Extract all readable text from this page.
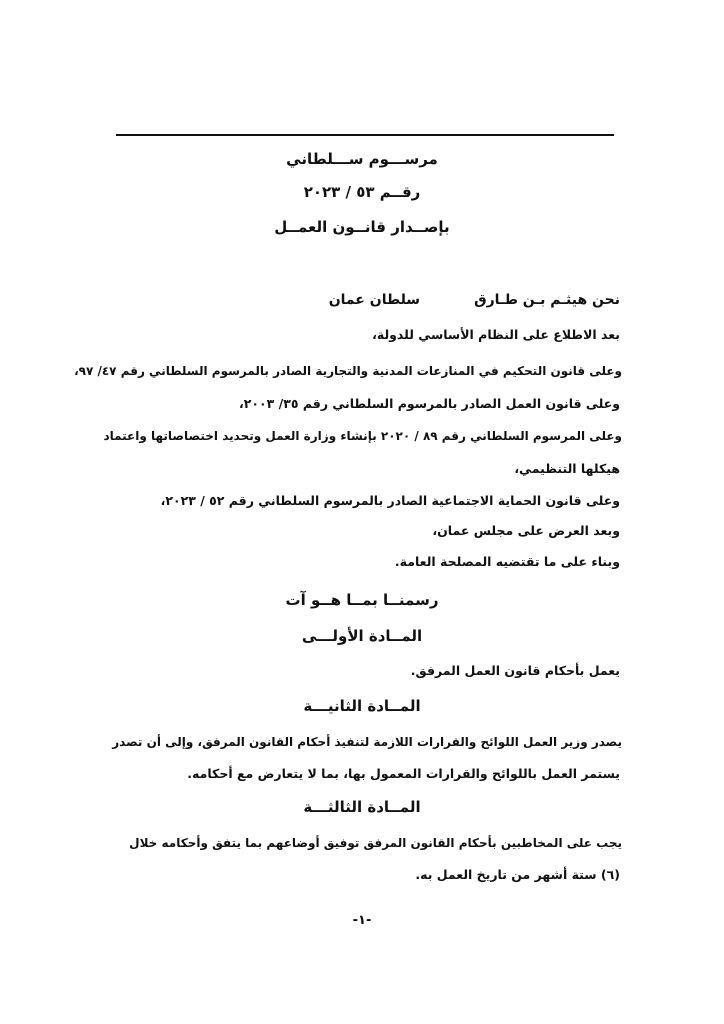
مرســـوم ســـلطاني
رقــم ٥٣ / ٢٠٢٣
بإصــدار قانــون العمــل
نحن هيثـم بـن طـارقسلطان عمان
بعد الاطلاع على النظام الأساسي للدولة،
وعلى قانون التحكيم في المنازعات المدنية والتجارية الصادر بالمرسوم السلطاني رقم ٤٧/ ٩٧،
وعلى قانون العمل الصادر بالمرسوم السلطاني رقم ٣٥/ ٢٠٠٣،
وعلى المرسوم السلطاني رقم ٨٩ / ٢٠٢٠ بإنشاء وزارة العمل وتحديد اختصاصاتها واعتماد
هيكلها التنظيمي،
وعلى قانون الحماية الاجتماعية الصادر بالمرسوم السلطاني رقم ٥٢ / ٢٠٢٣،
وبعد العرض على مجلس عمان،
وبناء على ما تقتضيه المصلحة العامة.
رسمنــا بمــا هــو آت
المــادة الأولـــى
يعمل بأحكام قانون العمل المرفق.
المــادة الثانيـــة
يصدر وزير العمل اللوائح والقرارات اللازمة لتنفيذ أحكام القانون المرفق، وإلى أن تصدر
يستمر العمل باللوائح والقرارات المعمول بها، بما لا يتعارض مع أحكامه.
المــادة الثالثـــة
يجب على المخاطبين بأحكام القانون المرفق توفيق أوضاعهم بما يتفق وأحكامه خلال
(٦) ستة أشهر من تاريخ العمل به.
-١-
